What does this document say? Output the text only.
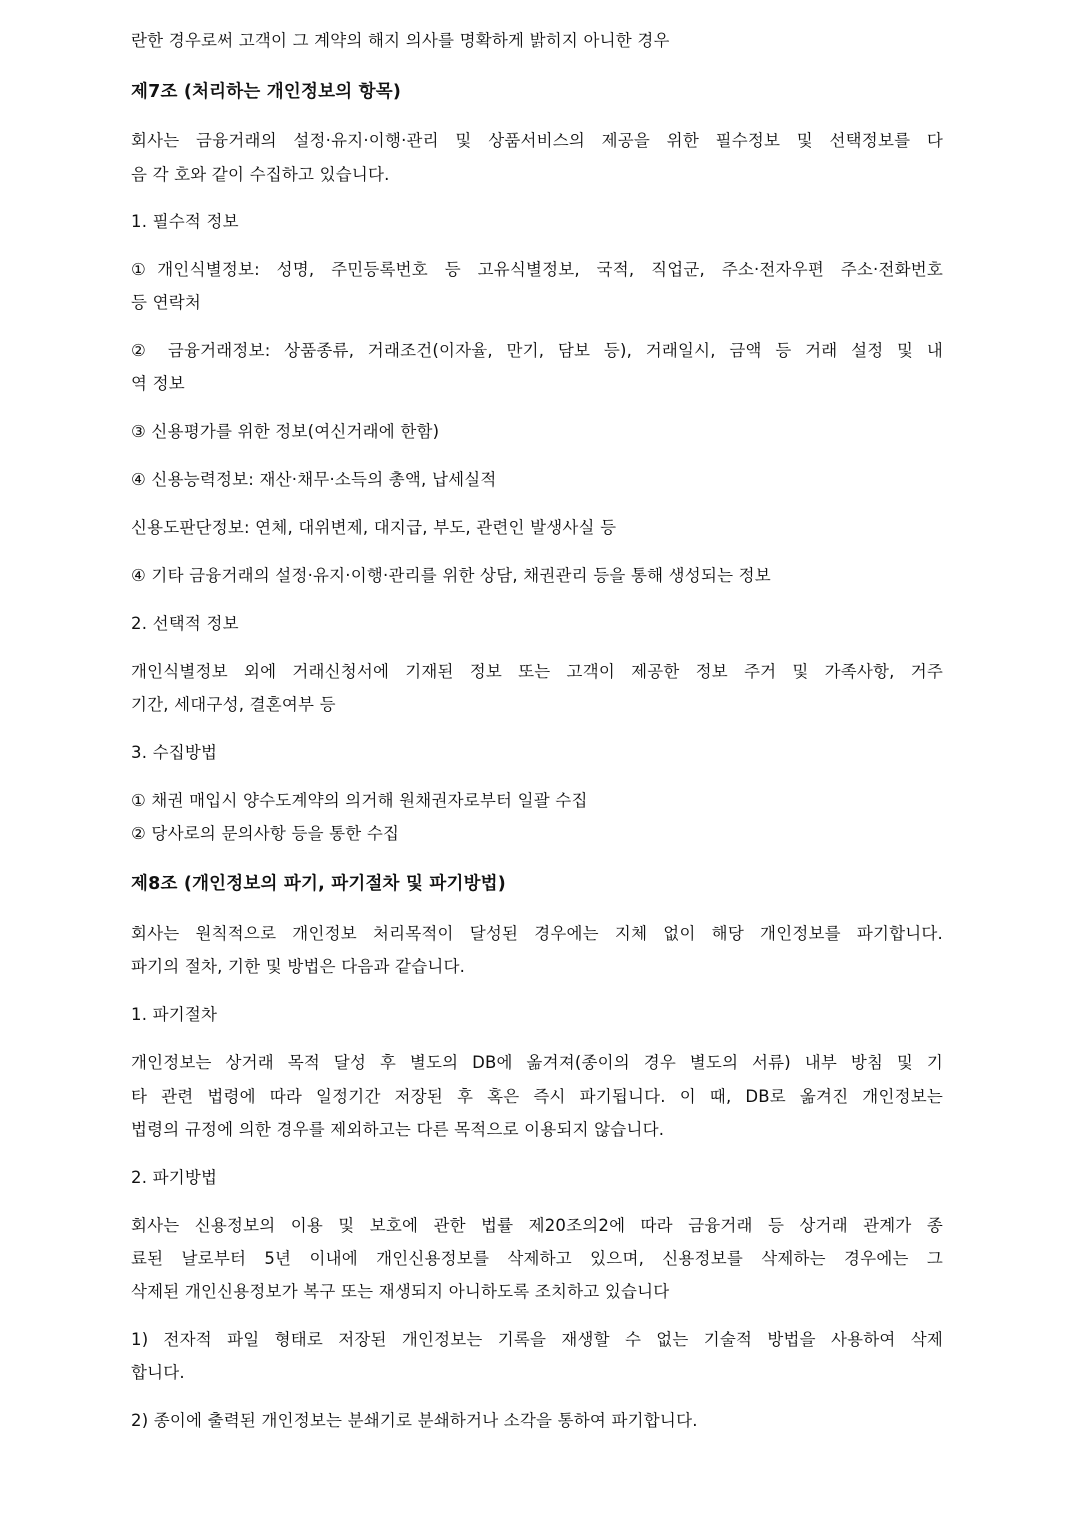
란한 경우로써 고객이 그 계약의 해지 의사를 명확하게 밝히지 아니한 경우
제7조 (처리하는 개인정보의 항목)
회사는 금융거래의 설정·유지·이행·관리 및 상품서비스의 제공을 위한 필수정보 및 선택정보를 다
음 각 호와 같이 수집하고 있습니다.
1. 필수적 정보
①개인식별정보: 성명, 주민등록번호 등 고유식별정보, 국적, 직업군, 주소·전자우편 주소·전화번호
등 연락처
② 금융거래정보: 상품종류, 거래조건(이자율, 만기, 담보 등), 거래일시, 금액 등 거래 설정 및 내
역 정보
③ 신용평가를 위한 정보(여신거래에 한함)
④ 신용능력정보: 재산·채무·소득의 총액, 납세실적
신용도판단정보: 연체, 대위변제, 대지급, 부도, 관련인 발생사실 등
④ 기타 금융거래의 설정·유지·이행·관리를 위한 상담, 채권관리 등을 통해 생성되는 정보
2. 선택적 정보
개인식별정보 외에 거래신청서에 기재된 정보 또는 고객이 제공한 정보 주거 및 가족사항, 거주
기간, 세대구성, 결혼여부 등
3. 수집방법
① 채권 매입시 양수도계약의 의거해 원채권자로부터 일괄 수집
② 당사로의 문의사항 등을 통한 수집
제8조 (개인정보의 파기, 파기절차 및 파기방법)
회사는 원칙적으로 개인정보 처리목적이 달성된 경우에는 지체 없이 해당 개인정보를 파기합니다.
파기의 절차, 기한 및 방법은 다음과 같습니다.
1. 파기절차
개인정보는 상거래 목적 달성 후 별도의 DB에 옮겨져(종이의 경우 별도의 서류) 내부 방침 및 기
타 관련 법령에 따라 일정기간 저장된 후 혹은 즉시 파기됩니다. 이 때, DB로 옮겨진 개인정보는
법령의 규정에 의한 경우를 제외하고는 다른 목적으로 이용되지 않습니다.
2. 파기방법
회사는 신용정보의 이용 및 보호에 관한 법률 제20조의2에 따라 금융거래 등 상거래 관계가 종
료된 날로부터 5년 이내에 개인신용정보를 삭제하고 있으며, 신용정보를 삭제하는 경우에는 그
삭제된 개인신용정보가 복구 또는 재생되지 아니하도록 조치하고 있습니다
1) 전자적 파일 형태로 저장된 개인정보는 기록을 재생할 수 없는 기술적 방법을 사용하여 삭제
합니다.
2) 종이에 출력된 개인정보는 분쇄기로 분쇄하거나 소각을 통하여 파기합니다.
